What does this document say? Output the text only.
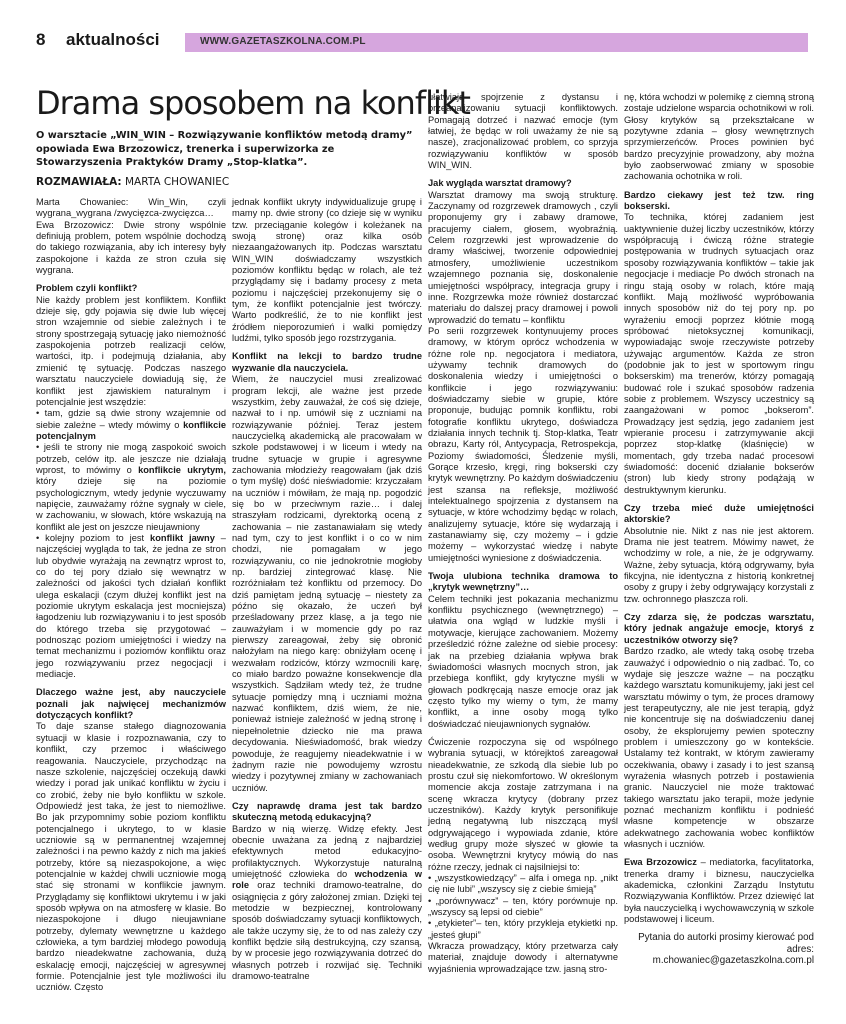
8 aktualności	WWW.GAZETASZKOLNA.COM.PL
Drama sposobem na konflikt

O warsztacie „WIN_WIN – Rozwiązywanie konfliktów metodą dramy” opowiada Ewa Brzozowicz, trenerka i superwizorka ze Stowarzyszenia Praktyków Dramy „Stop-klatka”.

ROZMAWIAŁA: MARTA CHOWANIEC

Marta Chowaniec: Win_Win, czyli wygrana_wygrana /zwycięzca-zwycięzca…

Ewa Brzozowicz: Dwie strony wspólnie definiują problem, potem wspólnie dochodzą do takiego rozwiązania, aby ich interesy były zaspokojone i każda ze stron czuła się wygrana.

Problem czyli konflikt?

Nie każdy problem jest konfliktem. Konflikt dzieje się, gdy pojawia się dwie lub więcej stron wzajemnie od siebie zależnych i te strony spostrzegają sytuację jako niemożność zaspokojenia potrzeb realizacji celów, wartości, itp. i podejmują działania, aby zmienić tę sytuację. Podczas naszego warsztatu nauczyciele dowiadują się, że konflikt jest zjawiskiem naturalnym i potencjalnie jest wszędzie:

• tam, gdzie są dwie strony wzajemnie od siebie zależne – wtedy mówimy o konflikcie potencjalnym

• jeśli te strony nie mogą zaspokoić swoich potrzeb, celów itp. ale jeszcze nie działają wprost, to mówimy o konflikcie ukrytym, który dzieje się na poziomie psychologicznym, wtedy jedynie wyczuwamy napięcie, zauważamy różne sygnały w ciele, w zachowaniu, w słowach, które wskazują na konflikt ale jest on jeszcze nieujawniony

• kolejny poziom to jest konflikt jawny – najczęściej wygląda to tak, że jedna ze stron lub obydwie wyrażają na zewnątrz wprost to, co do tej pory działo się wewnątrz w zależności od jakości tych działań konflikt ulega eskalacji (czym dłużej konflikt jest na poziomie ukrytym eskalacja jest mocniejsza) łagodzeniu lub rozwiązywaniu i to jest sposób do którego trzeba się przygotować – podnosząc poziom umiejętności i wiedzy na temat mechanizmu i poziomów konfliktu oraz jego rozwiązywaniu przez negocjacji i mediacje.

Dlaczego ważne jest, aby nauczyciele poznali jak najwięcej mechanizmów dotyczących konflikt?

To daje szanse stałego diagnozowania sytuacji w klasie i rozpoznawania, czy to konflikt, czy przemoc i właściwego reagowania. Nauczyciele, przychodząc na nasze szkolenie, najczęściej oczekują dawki wiedzy i porad jak unikać konfliktu w życiu i co zrobić, żeby nie było konfliktu w szkole. Odpowiedź jest taka, że jest to niemożliwe. Bo jak przypomnimy sobie poziom konfliktu potencjalnego i ukrytego, to w klasie uczniowie są w permanentnej wzajemnej zależności i na pewno każdy z nich ma jakieś potrzeby, które są niezaspokojone, a więc potencjalnie w każdej chwili uczniowie mogą stać się stronami w konflikcie jawnym. Przyglądamy się konfliktowi ukrytemu i w jaki sposób wpływa on na atmosferę w klasie. Bo niezaspokojone i długo nieujawniane potrzeby, dylematy wewnętrzne u każdego człowieka, a tym bardziej młodego powodują bardzo nieadekwatne zachowania, dużą eskalację emocji, najczęściej w agresywnej formie. Potencjalnie jest tyle możliwości ilu uczniów. Często

jednak konflikt ukryty indywidualizuje grupę i mamy np. dwie strony (co dzieje się w wyniku tzw. przeciąganie kolegów i koleżanek na swoją stronę) oraz kilka osób niezaangażowanych itp. Podczas warsztatu WIN_WIN doświadczamy wszystkich poziomów konfliktu będąc w rolach, ale też przyglądamy się i badamy procesy z meta poziomu i najczęściej przekonujemy się o tym, że konflikt potencjalnie jest twórczy. Warto podkreślić, że to nie konflikt jest źródłem nieporozumień i walki pomiędzy ludźmi, tylko sposób jego rozstrzygania.

Konflikt na lekcji to bardzo trudne wyzwanie dla nauczyciela.

Wiem, że nauczyciel musi zrealizować program lekcji, ale ważne jest przede wszystkim, żeby zauważał, że coś się dzieje, nazwał to i np. umówił się z uczniami na rozwiązywanie później. Teraz jestem nauczycielką akademicką ale pracowałam w szkole podstawowej i w liceum i wtedy na trudne sytuacje w grupie i agresywne zachowania młodzieży reagowałam (jak dziś o tym myślę) dość nieświadomie: krzyczałam na uczniów i mówiłam, że mają np. pogodzić się bo w przeciwnym razie… i dalej straszyłam rodzicami, dyrektorką oceną z zachowania – nie zastanawiałam się wtedy nad tym, czy to jest konflikt i o co w nim chodzi, nie pomagałam w jego rozwiązywaniu, co nie jednokrotnie mogłoby np. bardziej zintegrować klasę. Nie rozróżniałam też konfliktu od przemocy. Do dziś pamiętam jedną sytuację – niestety za późno się okazało, że uczeń był prześladowany przez klasę, a ja tego nie zauważyłam i w momencie gdy po raz pierwszy zareagował, żeby się obronić nałożyłam na niego karę: obniżyłam ocenę i wezwałam rodziców, którzy wzmocnili karę, co miało bardzo poważne konsekwencje dla wszystkich. Sądziłam wtedy też, że trudne sytuacje pomiędzy mną i uczniami można nazwać konfliktem, dziś wiem, że nie, ponieważ istnieje zależność w jedną stronę i niepełnoletnie dziecko nie ma prawa decydowania. Nieświadomość, brak wiedzy powoduje, że reagujemy nieadekwatnie i w żadnym razie nie powodujemy wzrostu wiedzy i pozytywnej zmiany w zachowaniach uczniów.

Czy naprawdę drama jest tak bardzo skuteczną metodą edukacyjną?

Bardzo w nią wierzę. Widzę efekty. Jest obecnie uważana za jedną z najbardziej efektywnych metod edukacyjno-profilaktycznych. Wykorzystuje naturalną umiejętność człowieka do wchodzenia w role oraz techniki dramowo-teatralne, do osiągnięcia z góry założonej zmian. Dzięki tej metodzie w bezpiecznej, kontrolowany sposób doświadczamy sytuacji konfliktowych, ale także uczymy się, że to od nas zależy czy konflikt będzie siłą destrukcyjną, czy szansą, by w procesie jego rozwiązywania dotrzeć do własnych potrzeb i rozwijać się. Techniki dramowo-teatralne

ułatwiają spojrzenie z dystansu i przeanalizowaniu sytuacji konfliktowych. Pomagają dotrzeć i nazwać emocje (tym łatwiej, że będąc w roli uważamy że nie są nasze), zracjonalizować problem, co sprzyja rozwiązywaniu konfliktów w sposób WIN_WIN.

Jak wygląda warsztat dramowy?

Warsztat dramowy ma swoją strukturę. Zaczynamy od rozgrzewek dramowych , czyli proponujemy gry i zabawy dramowe, pracujemy ciałem, głosem, wyobraźnią. Celem rozgrzewki jest wprowadzenie do dramy właściwej, tworzenie odpowiedniej atmosfery, umożliwienie uczestnikom wzajemnego poznania się, doskonalenie umiejętności współpracy, integracja grupy i inne. Rozgrzewka może również dostarczać materiału do dalszej pracy dramowej i powoli wprowadzić do tematu – konfliktu

Po serii rozgrzewek kontynuujemy proces dramowy, w którym oprócz wchodzenia w różne role np. negocjatora i mediatora, używamy technik dramowych do doskonalenia wiedzy i umiejętności o konflikcie i jego rozwiązywaniu: doświadczamy siebie w grupie, które proponuje, budując pomnik konfliktu, robi fotografie konfliktu ukrytego, doświadcza działania innych technik tj. Stop-klatka, Teatr obrazu, Karty ról, Antycypacja, Retrospekcja, Poziomy świadomości, Śledzenie myśli, Gorące krzesło, kręgi, ring bokserski czy krytyk wewnętrzny. Po każdym doświadczeniu jest szansa na refleksje, możliwość intelektualnego spojrzenia z dystansem na sytuacje, w które wchodzimy będąc w rolach, analizujemy sytuacje, które się wydarzają i zastanawiamy się, czy możemy – i gdzie możemy – wykorzystać wiedzę i nabyte umiejętności wyniesione z doświadczenia.

Twoja ulubiona technika dramowa to „krytyk wewnętrzny”…

Celem techniki jest pokazania mechanizmu konfliktu psychicznego (wewnętrznego) – ułatwia ona wgląd w ludzkie myśli i motywacje, kierujące zachowaniem. Możemy prześledzić różne zależne od siebie procesy: jak na przebieg działania wpływa brak świadomości własnych mocnych stron, jak przebiega konflikt, gdy krytyczne myśli w głowach podkręcają nasze emocje oraz jak często tylko my wiemy o tym, że mamy konflikt, a inne osoby mogą tylko doświadczać nieujawnionych sygnałów.

Ćwiczenie rozpoczyna się od wspólnego wybrania sytuacji, w którejktoś zareagował nieadekwatnie, ze szkodą dla siebie lub po prostu czuł się niekomfortowo. W określonym momencie akcja zostaje zatrzymana i na scenę wkracza krytycy (dobrany przez uczestników). Każdy krytyk personifikuje jedną negatywną lub niszczącą myśl odgrywającego i wypowiada zdanie, które według grupy może słyszeć w głowie ta osoba. Wewnętrzni krytycy mówią do nas różne rzeczy, jednak ci najsilniejsi to:

• „wszystkowiedzący” – alfa i omega np. „nikt cię nie lubi” „wszyscy się z ciebie śmieją”

• „porównywacz” – ten, który porównuje np. „wszyscy są lepsi od ciebie”

• „etykieter”– ten, który przykleja etykietki np. „jesteś głupi”

Wkracza prowadzący, który przetwarza cały materiał, znajduje dowody i alternatywne wyjaśnienia wprowadzające tzw. jasną stro-

nę, która wchodzi w polemikę z ciemną stroną zostaje udzielone wsparcia ochotnikowi w roli. Głosy krytyków są przekształcane w pozytywne zdania – głosy wewnętrznych sprzymierzeńców. Proces powinien być bardzo precyzyjnie prowadzony, aby można było zaobserwować zmiany w sposobie zachowania ochotnika w roli.

Bardzo ciekawy jest też tzw. ring bokserski.

To technika, której zadaniem jest uaktywnienie dużej liczby uczestników, którzy współpracują i ćwiczą różne strategie postępowania w trudnych sytuacjach oraz sposoby rozwiązywania konfliktów – takie jak negocjacje i mediacje Po dwóch stronach na ringu stają osoby w rolach, które mają konflikt. Mają możliwość wypróbowania innych sposobów niż do tej pory np. po wyrażeniu emocji poprzez kłótnie mogą spróbować nietoksycznej komunikacji, wypowiadając swoje rzeczywiste potrzeby używając argumentów. Każda ze stron (podobnie jak to jest w sportowym ringu bokserskim) ma trenerów, którzy pomagają budować role i szukać sposobów radzenia sobie z problemem. Wszyscy uczestnicy są zaangażowani w pomoc „bokserom”. Prowadzący jest sędzią, jego zadaniem jest wpieranie procesu i zatrzymywanie akcji poprzez stop-klatkę (klaśnięcie) w momentach, gdy trzeba nadać procesowi świadomość: docenić działanie bokserów (stron) lub kiedy strony podążają w destruktywnym kierunku.

Czy trzeba mieć duże umiejętności aktorskie?

Absolutnie nie. Nikt z nas nie jest aktorem. Drama nie jest teatrem. Mówimy nawet, że wchodzimy w role, a nie, że je odgrywamy. Ważne, żeby sytuacja, którą odgrywamy, była fikcyjna, nie identyczna z historią konkretnej osoby z grupy i żeby odgrywający korzystali z tzw. ochronnego płaszcza roli.

Czy zdarza się, że podczas warsztatu, który jednak angażuje emocje, ktoryś z uczestników otworzy się?

Bardzo rzadko, ale wtedy taką osobę trzeba zauważyć i odpowiednio o nią zadbać. To, co wydaje się jeszcze ważne – na początku każdego warsztatu komunikujemy, jaki jest cel warsztatu mówimy o tym, że proces dramowy jest terapeutyczny, ale nie jest terapią, gdyż nie koncentruje się na doświadczeniu danej osoby, że eksplorujemy pewien spoteczny problem i umieszczony go w kontekście. Ustalamy też kontrakt, w którym zawieramy oczekiwania, obawy i zasady i to jest szansą wyrażenia własnych potrzeb i postawienia granic. Nauczyciel nie może traktować takiego warsztatu jako terapii, może jedynie poznać mechanizm konfliktu i podnieść własne kompetencje w obszarze adekwatnego zachowania wobec konfliktów własnych i uczniów.

Ewa Brzozowicz – mediatorka, facylitatorka, trenerka dramy i biznesu, nauczycielka akademicka, członkini Zarządu Instytutu Rozwiązywania Konfliktów. Przez dziewięć lat była nauczycielką i wychowawczynią w szkole podstawowej i liceum.

Pytania do autorki prosimy kierować pod adres: m.chowaniec@gazetaszkolna.com.pl
